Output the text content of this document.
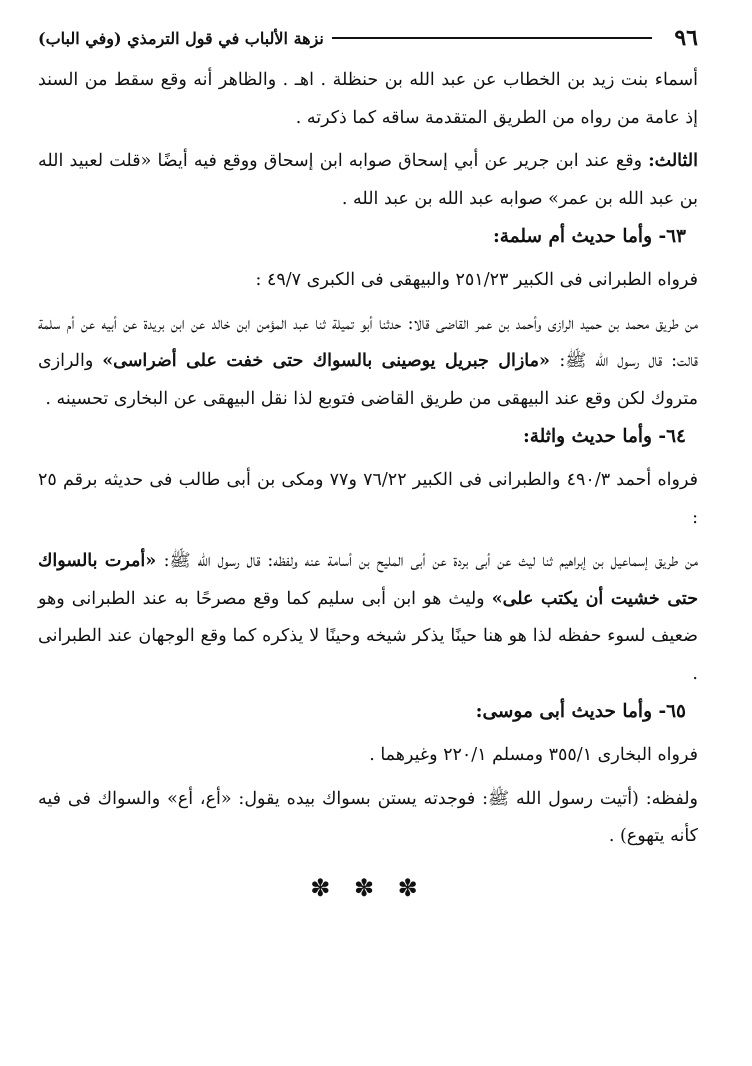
٩٦
نزهة الألباب في قول الترمذي (وفي الباب)

أسماء بنت زيد بن الخطاب عن عبد الله بن حنظلة . اهـ . والظاهر أنه وقع سقط من السند إذ عامة من رواه من الطريق المتقدمة ساقه كما ذكرته .

الثالث: وقع عند ابن جرير عن أبي إسحاق صوابه ابن إسحاق ووقع فيه أيضًا «قلت لعبيد الله بن عبد الله بن عمر» صوابه عبد الله بن عبد الله .

٦٣- وأما حديث أم سلمة:

فرواه الطبرانى فى الكبير ٢٥١/٢٣ والبيهقى فى الكبرى ٤٩/٧ :

من طريق محمد بن حميد الرازى وأحمد بن عمر القاضى قالا: حدثنا أبو تميلة ثنا عبد المؤمن ابن خالد عن ابن بريدة عن أبيه عن أم سلمة قالت: قال رسول الله ﷺ: «مازال جبريل يوصينى بالسواك حتى خفت على أضراسى» والرازى متروك لكن وقع عند البيهقى من طريق القاضى فتوبع لذا نقل البيهقى عن البخارى تحسينه .

٦٤- وأما حديث واثلة:

فرواه أحمد ٤٩٠/٣ والطبرانى فى الكبير ٧٦/٢٢ و٧٧ ومكى بن أبى طالب فى حديثه برقم ٢٥ :

من طريق إسماعيل بن إبراهيم ثنا ليث عن أبى بردة عن أبى المليح بن أسامة عنه ولفظه: قال رسول الله ﷺ: «أمرت بالسواك حتى خشيت أن يكتب على» وليث هو ابن أبى سليم كما وقع مصرحًا به عند الطبرانى وهو ضعيف لسوء حفظه لذا هو هنا حينًا يذكر شيخه وحينًا لا يذكره كما وقع الوجهان عند الطبرانى .

٦٥- وأما حديث أبى موسى:

فرواه البخارى ٣٥٥/١ ومسلم ٢٢٠/١ وغيرهما .

ولفظه: (أتيت رسول الله ﷺ: فوجدته يستن بسواك بيده يقول: «أع، أع» والسواك فى فيه كأنه يتهوع) .

✽ ✽ ✽
